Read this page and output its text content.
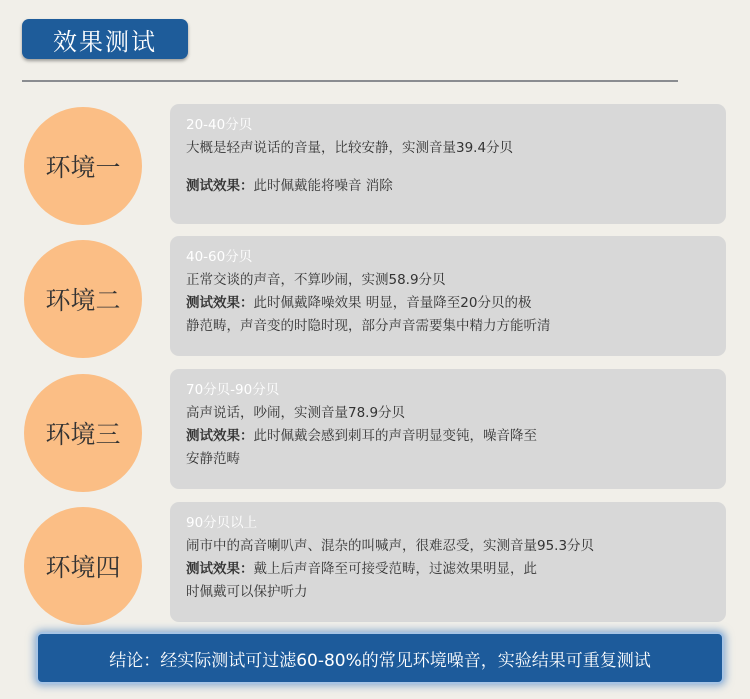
效果测试
环境一
20-40分贝
大概是轻声说话的音量，比较安静，实测音量39.4分贝
测试效果：此时佩戴能将噪音 消除
环境二
40-60分贝
正常交谈的声音，不算吵闹，实测58.9分贝
测试效果：此时佩戴降噪效果 明显，音量降至20分贝的极
静范畴，声音变的时隐时现，部分声音需要集中精力方能听清
环境三
70分贝-90分贝
高声说话，吵闹，实测音量78.9分贝
测试效果：此时佩戴会感到刺耳的声音明显变钝，噪音降至
安静范畴
环境四
90分贝以上
闹市中的高音喇叭声、混杂的叫喊声，很难忍受，实测音量95.3分贝
测试效果：戴上后声音降至可接受范畴，过滤效果明显，此
时佩戴可以保护听力
结论：经实际测试可过滤60-80%的常见环境噪音，实验结果可重复测试
